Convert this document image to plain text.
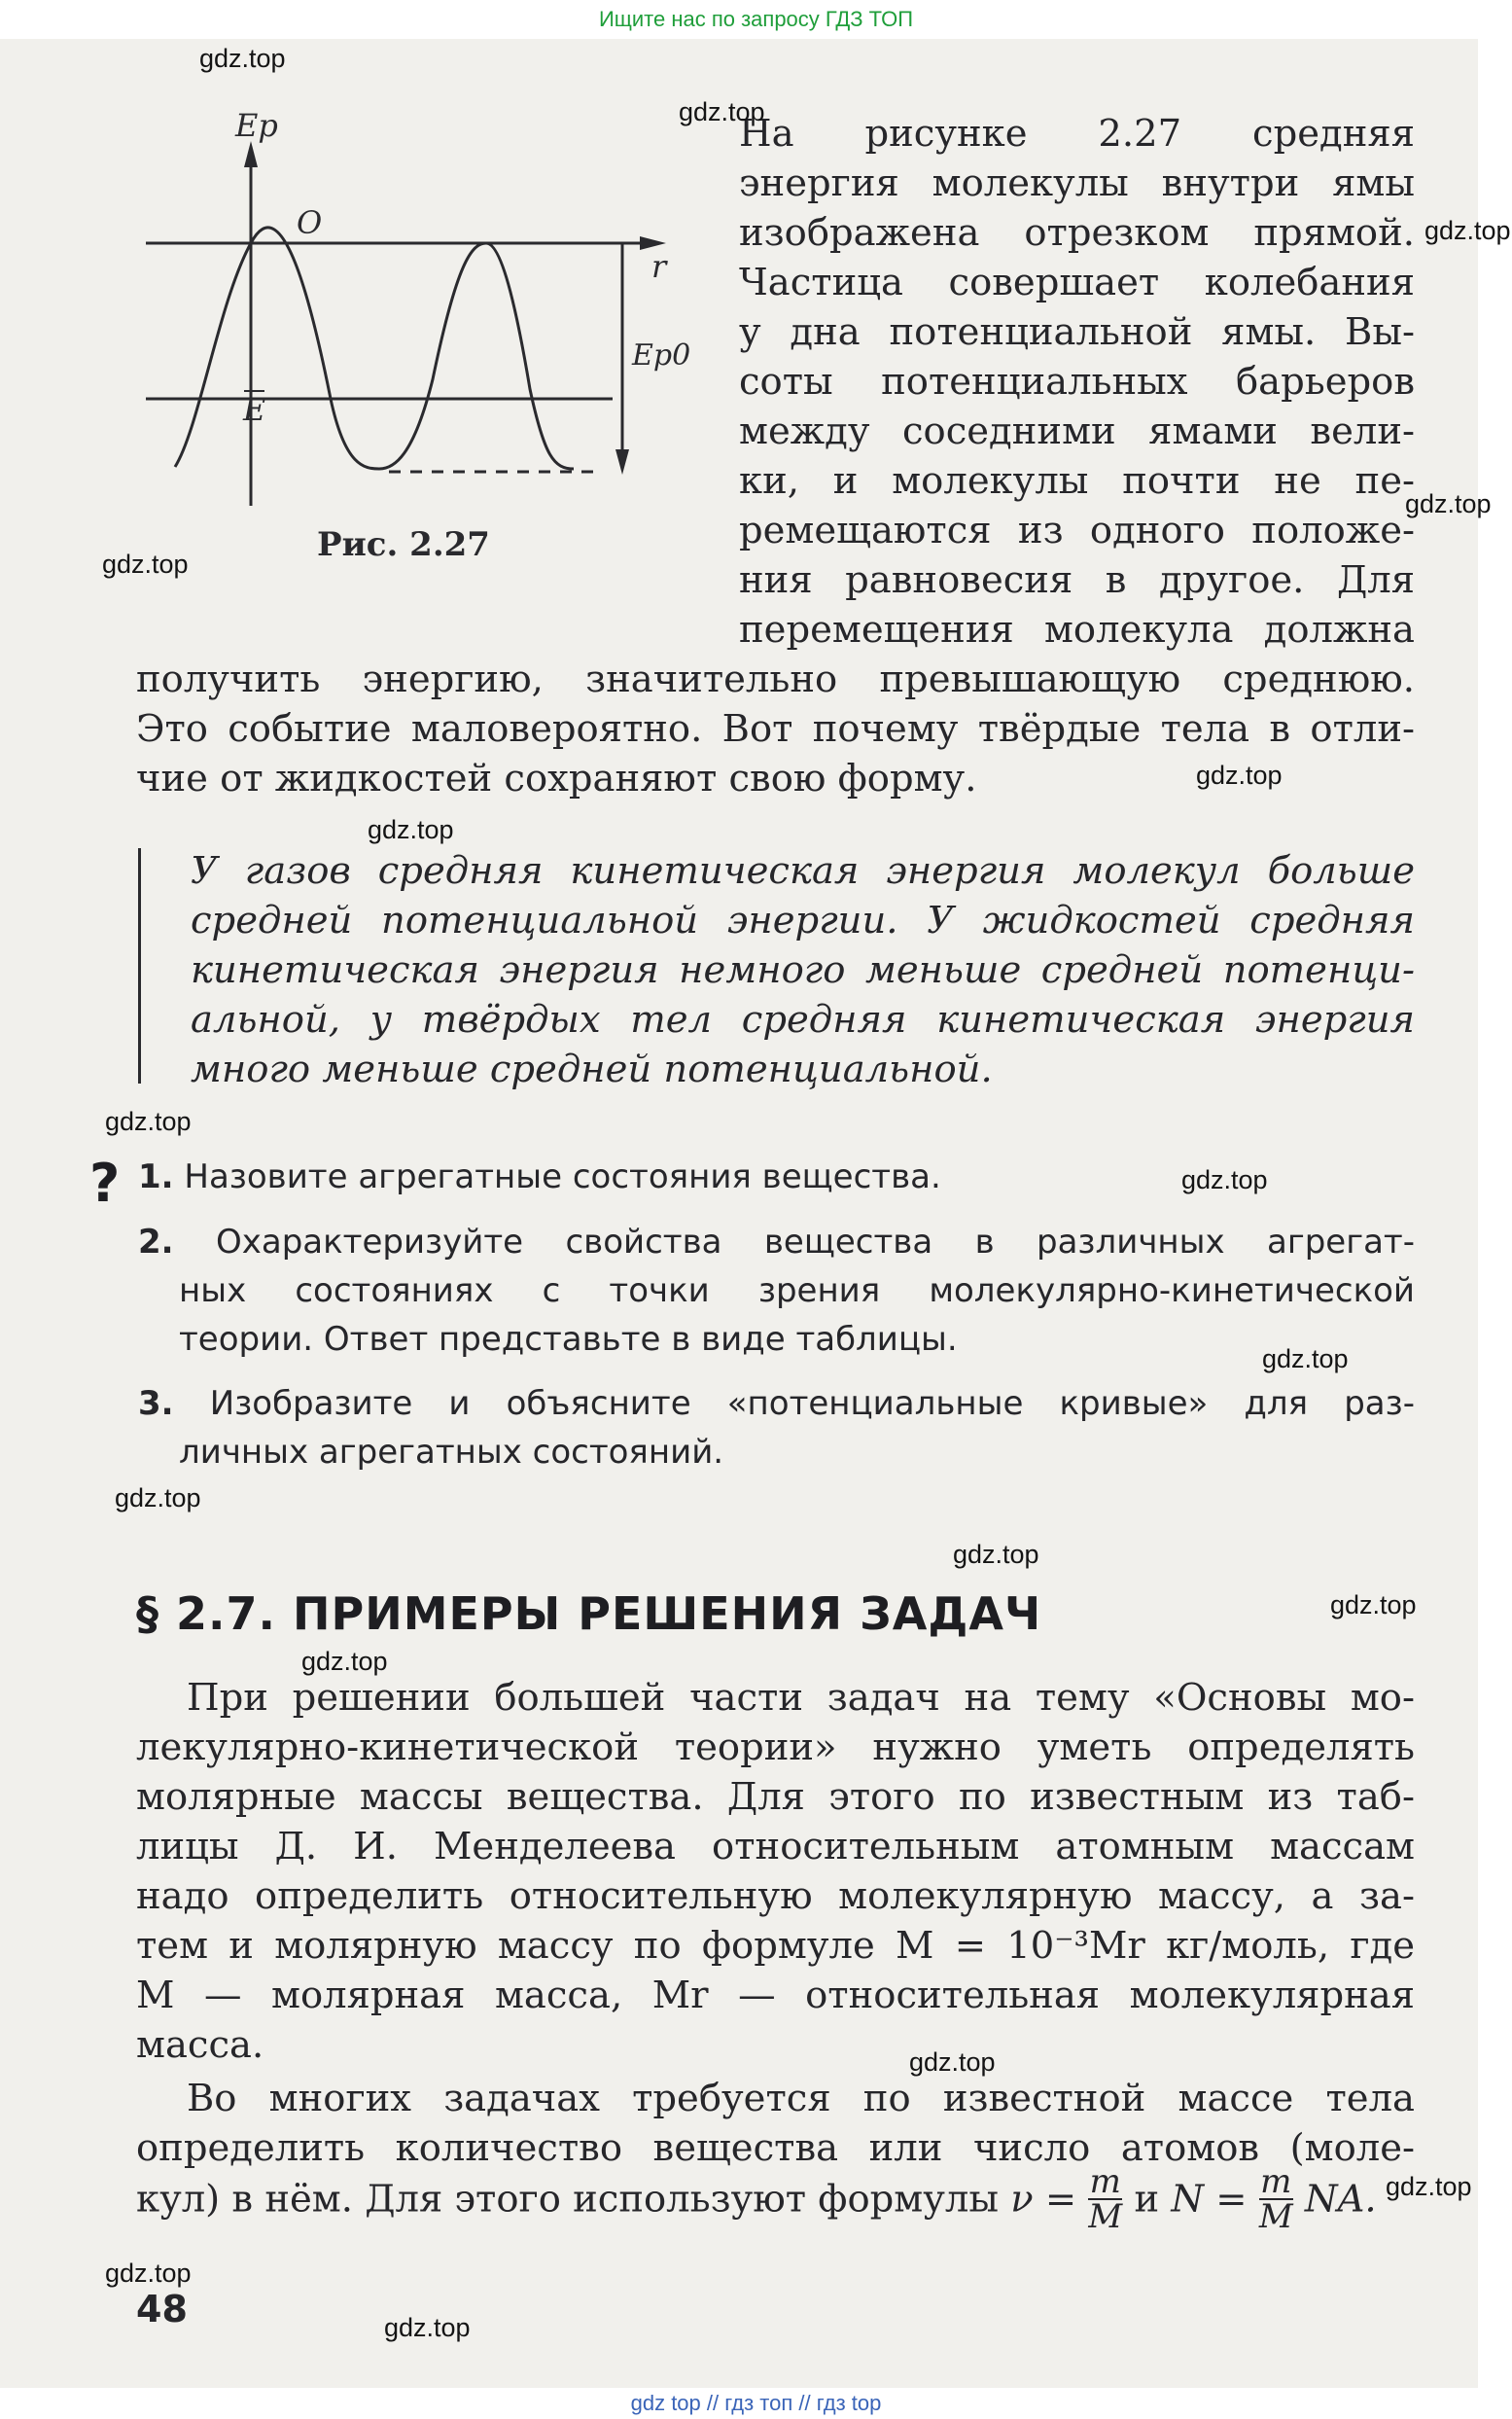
Ищите нас по запросу ГДЗ ТОП
Ep
O
r
E
Ep0
Рис. 2.27
На рисунке 2.27 средняя
энергия молекулы внутри ямы
изображена отрезком прямой.
Частица совершает колебания
у дна потенциальной ямы. Вы-
соты потенциальных барьеров
между соседними ямами вели-
ки, и молекулы почти не пе-
ремещаются из одного положе-
ния равновесия в другое. Для
перемещения молекула должна
получить энергию, значительно превышающую среднюю.
Это событие маловероятно. Вот почему твёрдые тела в отли-
чие от жидкостей сохраняют свою форму.
У газов средняя кинетическая энергия молекул больше
средней потенциальной энергии. У жидкостей средняя
кинетическая энергия немного меньше средней потенци-
альной, у твёрдых тел средняя кинетическая энергия
много меньше средней потенциальной.
? 1. Назовите агрегатные состояния вещества.
2. Охарактеризуйте свойства вещества в различных агрегат-
ных состояниях с точки зрения молекулярно-кинетической
теории. Ответ представьте в виде таблицы.
3. Изобразите и объясните «потенциальные кривые» для раз-
личных агрегатных состояний.
§ 2.7. ПРИМЕРЫ РЕШЕНИЯ ЗАДАЧ
При решении большей части задач на тему «Основы мо-
лекулярно-кинетической теории» нужно уметь определять
молярные массы вещества. Для этого по известным из таб-
лицы Д. И. Менделеева относительным атомным массам
надо определить относительную молекулярную массу, а за-
тем и молярную массу по формуле M = 10⁻³Mr кг/моль, где
M — молярная масса, Mr — относительная молекулярная
масса.
Во многих задачах требуется по известной массе тела
определить количество вещества или число атомов (моле-
кул) в нём. Для этого используют формулы $\nu = \frac{m}{M}$ и $N = \frac{m}{M}$ NA.
48
gdz.top
gdz.top
gdz.top
gdz.top
gdz.top
gdz.top
gdz.top
gdz.top
gdz.top
gdz.top
gdz.top
gdz.top
gdz.top
gdz.top
gdz.top
gdz.top
gdz.top
gdz.top
gdz top // гдз топ // гдз top
